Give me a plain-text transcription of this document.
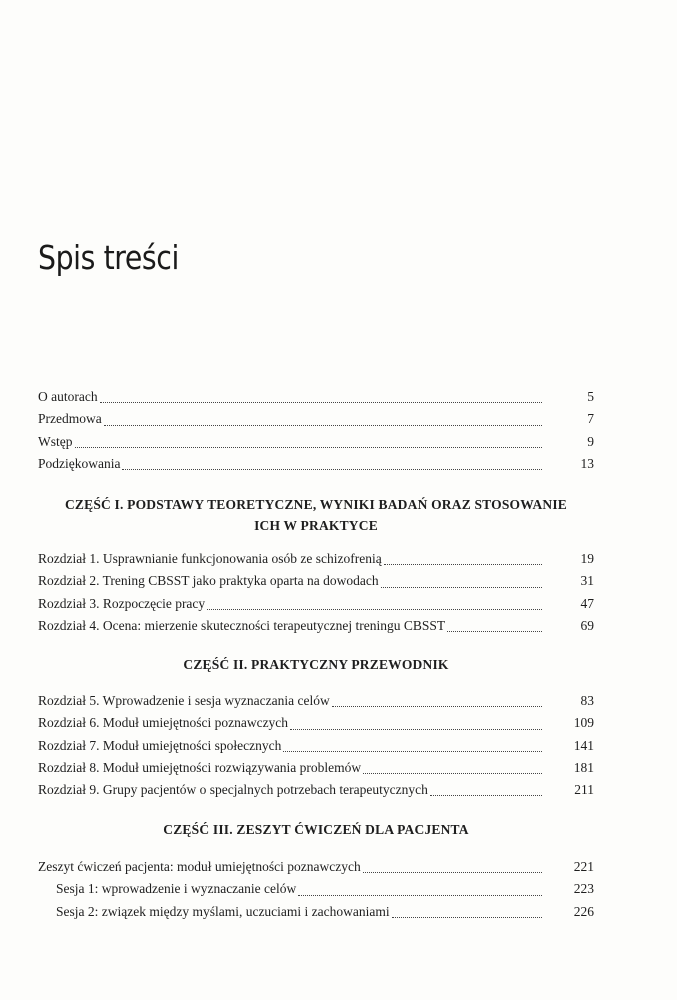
Spis treści
O autorach	5
Przedmowa	7
Wstęp	9
Podziękowania	13
CZĘŚĆ I. PODSTAWY TEORETYCZNE, WYNIKI BADAŃ ORAZ STOSOWANIE
ICH W PRAKTYCE
Rozdział 1. Usprawnianie funkcjonowania osób ze schizofrenią	19
Rozdział 2. Trening CBSST jako praktyka oparta na dowodach	31
Rozdział 3. Rozpoczęcie pracy	47
Rozdział 4. Ocena: mierzenie skuteczności terapeutycznej treningu CBSST	69
CZĘŚĆ II. PRAKTYCZNY PRZEWODNIK
Rozdział 5. Wprowadzenie i sesja wyznaczania celów	83
Rozdział 6. Moduł umiejętności poznawczych	109
Rozdział 7. Moduł umiejętności społecznych	141
Rozdział 8. Moduł umiejętności rozwiązywania problemów	181
Rozdział 9. Grupy pacjentów o specjalnych potrzebach terapeutycznych	211
CZĘŚĆ III. ZESZYT ĆWICZEŃ DLA PACJENTA
Zeszyt ćwiczeń pacjenta: moduł umiejętności poznawczych	221
Sesja 1: wprowadzenie i wyznaczanie celów	223
Sesja 2: związek między myślami, uczuciami i zachowaniami	226
